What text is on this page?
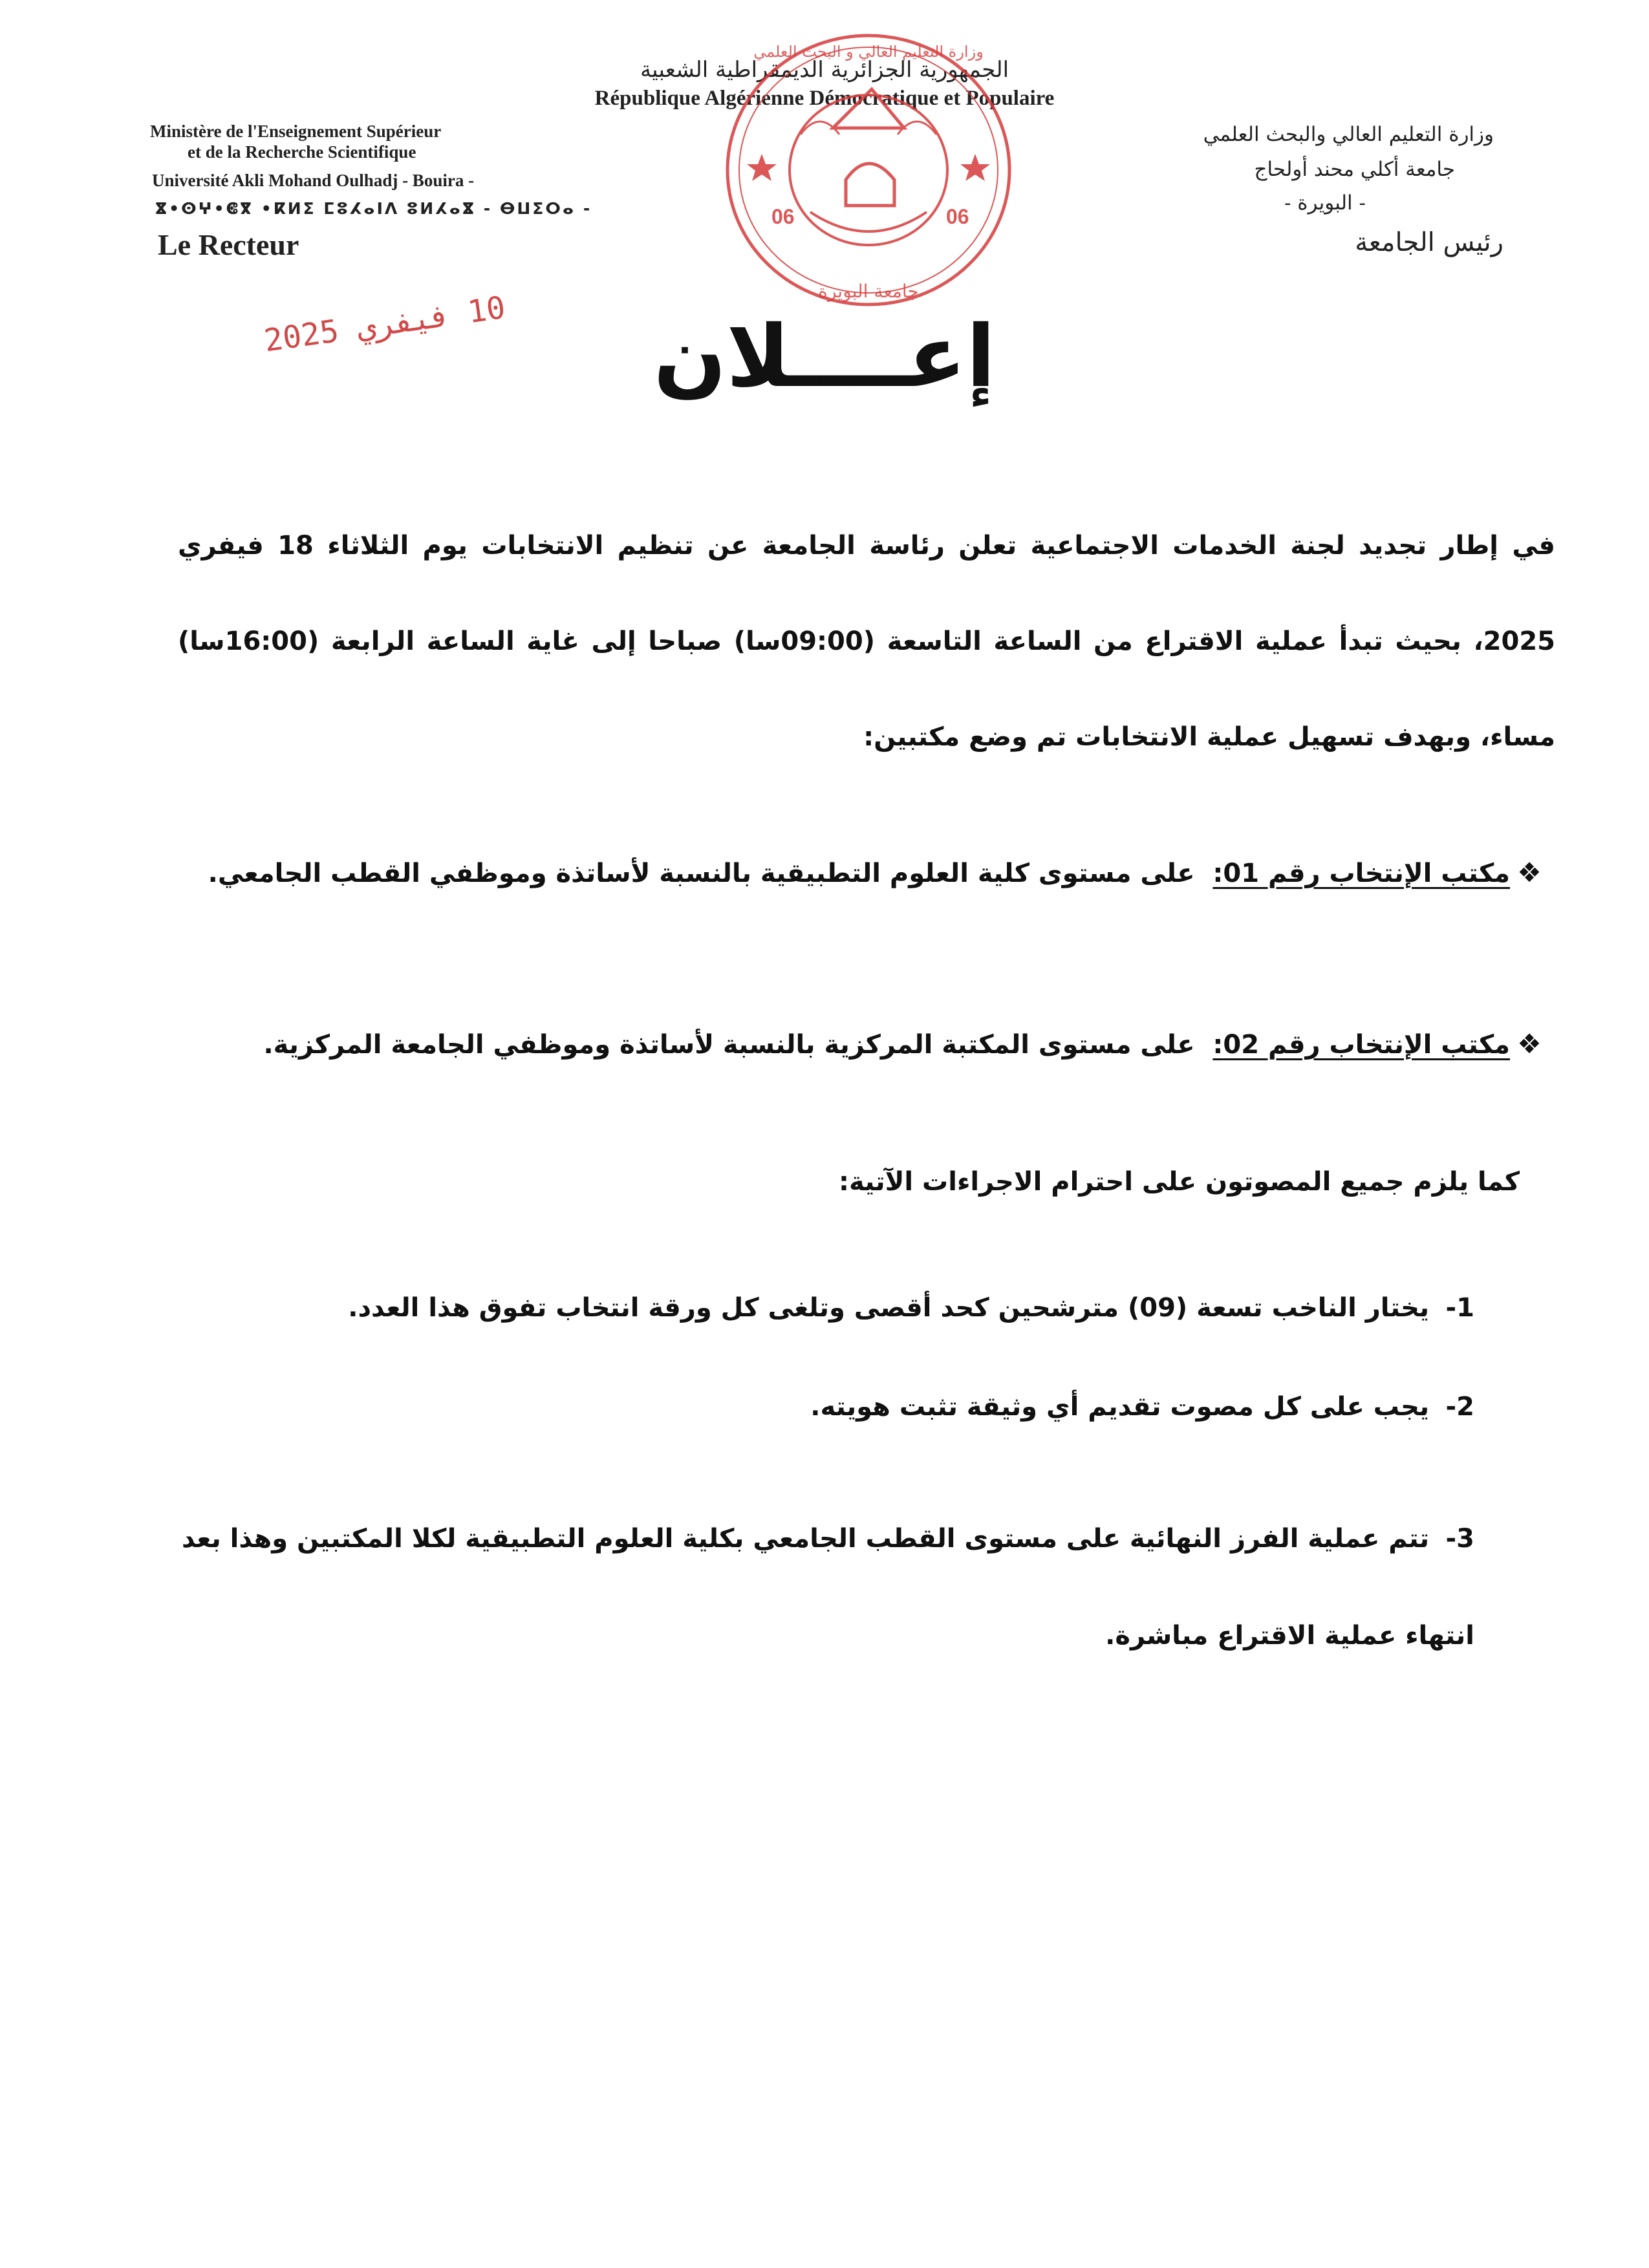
الجمهورية الجزائرية الديمقراطية الشعبية
République Algérienne Démocratique et Populaire
Ministère de l'Enseignement Supérieur
et de la Recherche Scientifique
Université Akli Mohand Oulhadj - Bouira -
ⴵ•ⵙⵖ•ⵞⴳ •ⴽⵍⵉ ⵎⵓⵃⴰⵏⴷ ⵓⵍⵃⴰⴵ - ⴱⵡⵉⵔⴰ -
Le Recteur
وزارة التعليم العالي والبحث العلمي
جامعة أكلي محند أولحاج
- البويرة -
رئيس الجامعة
06	06
وزارة التعليم العالي و البحث العلمي
جامعة البويرة
10 فيفري 2025	إعــــلان
في إطار تجديد لجنة الخدمات الاجتماعية تعلن رئاسة الجامعة عن تنظيم الانتخابات يوم الثلاثاء 18 فيفري 2025، بحيث تبدأ عملية الاقتراع من الساعة التاسعة (09:00سا) صباحا إلى غاية الساعة الرابعة (16:00سا) مساء، وبهدف تسهيل عملية الانتخابات تم وضع مكتبين:
❖مكتب الإنتخاب رقم 01:  على مستوى كلية العلوم التطبيقية بالنسبة لأساتذة وموظفي القطب الجامعي.
❖مكتب الإنتخاب رقم 02:  على مستوى المكتبة المركزية بالنسبة لأساتذة وموظفي الجامعة المركزية.
كما يلزم جميع المصوتون على احترام الاجراءات الآتية:
1-يختار الناخب تسعة (09) مترشحين كحد أقصى وتلغى كل ورقة انتخاب تفوق هذا العدد.
2-يجب على كل مصوت تقديم أي وثيقة تثبت هويته.
3-تتم عملية الفرز النهائية على مستوى القطب الجامعي بكلية العلوم التطبيقية لكلا المكتبين وهذا بعد انتهاء عملية الاقتراع مباشرة.
